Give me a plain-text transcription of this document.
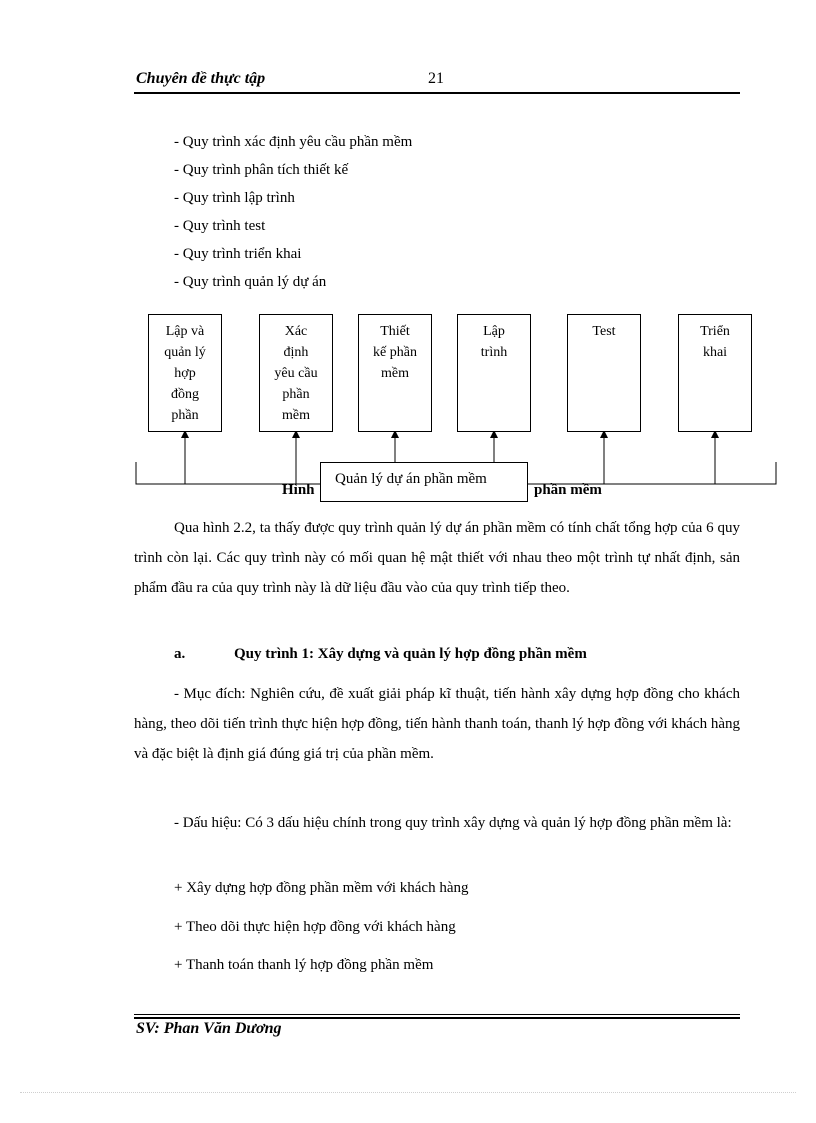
Chuyên đề thực tập	21
- Quy trình xác định yêu cầu phần mềm
- Quy trình phân tích thiết kế
- Quy trình lập trình
- Quy trình test
- Quy trình triển khai
- Quy trình quản lý dự án
Lập và
quản lý
hợp
đồng
phần
Xác
định
yêu cầu
phần
mềm
Thiết
kế phần
mềm
Lập
trình
Test	Triển
khai
Hình	phần mềm
Quản lý dự án phần mềm
Qua hình 2.2, ta thấy được quy trình quản lý dự án phần mềm có tính chất tổng hợp của 6 quy trình còn lại. Các quy trình này có mối quan hệ mật thiết với nhau theo một trình tự nhất định, sản phẩm đầu ra của quy trình này là dữ liệu đầu vào của quy trình tiếp theo.
a.	Quy trình 1: Xây dựng và quản lý hợp đồng phần mềm
- Mục đích: Nghiên cứu, đề xuất giải pháp kĩ thuật, tiến hành xây dựng hợp đồng cho khách hàng, theo dõi tiến trình thực hiện hợp đồng, tiến hành thanh toán, thanh lý hợp đồng với khách hàng và đặc biệt là định giá đúng giá trị của phần mềm.
- Dấu hiệu: Có 3 dấu hiệu chính trong quy trình xây dựng và quản lý hợp đồng phần mềm là:
+ Xây dựng hợp đồng phần mềm với khách hàng
+ Theo dõi thực hiện hợp đồng với khách hàng
+ Thanh toán thanh lý hợp đồng phần mềm
SV: Phan Văn Dương
